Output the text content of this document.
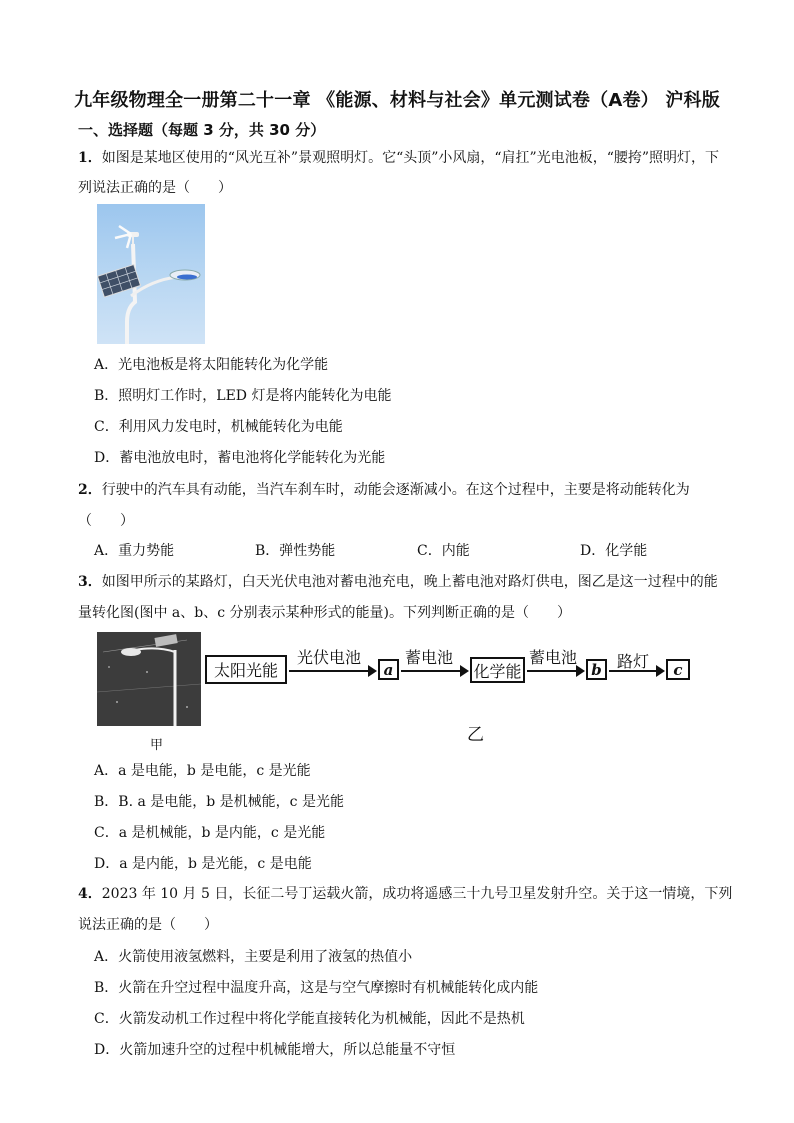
九年级物理全一册第二十一章 《能源、材料与社会》单元测试卷（A卷） 沪科版
一、选择题（每题 3 分，共 30 分）
1．如图是某地区使用的“风光互补”景观照明灯。它“头顶”小风扇，“肩扛”光电池板，“腰挎”照明灯，下
列说法正确的是（　　）
A．光电池板是将太阳能转化为化学能
B．照明灯工作时，LED 灯是将内能转化为电能
C．利用风力发电时，机械能转化为电能
D．蓄电池放电时，蓄电池将化学能转化为光能
2．行驶中的汽车具有动能，当汽车刹车时，动能会逐渐减小。在这个过程中，主要是将动能转化为
（　　）
A．重力势能	B．弹性势能	C．内能	D．化学能
3．如图甲所示的某路灯，白天光伏电池对蓄电池充电，晚上蓄电池对路灯供电，图乙是这一过程中的能
量转化图(图中 a、b、c 分别表示某种形式的能量)。下列判断正确的是（　　）
甲
太阳光能
光伏电池
a
蓄电池
化学能
蓄电池
b 路灯	c
乙
A．a 是电能，b 是电能，c 是光能
B．B. a 是电能，b 是机械能，c 是光能
C．a 是机械能，b 是内能，c 是光能
D．a 是内能，b 是光能，c 是电能
4．2023 年 10 月 5 日，长征二号丁运载火箭，成功将遥感三十九号卫星发射升空。关于这一情境，下列
说法正确的是（　　）
A．火箭使用液氢燃料，主要是利用了液氢的热值小
B．火箭在升空过程中温度升高，这是与空气摩擦时有机械能转化成内能
C．火箭发动机工作过程中将化学能直接转化为机械能，因此不是热机
D．火箭加速升空的过程中机械能增大，所以总能量不守恒
